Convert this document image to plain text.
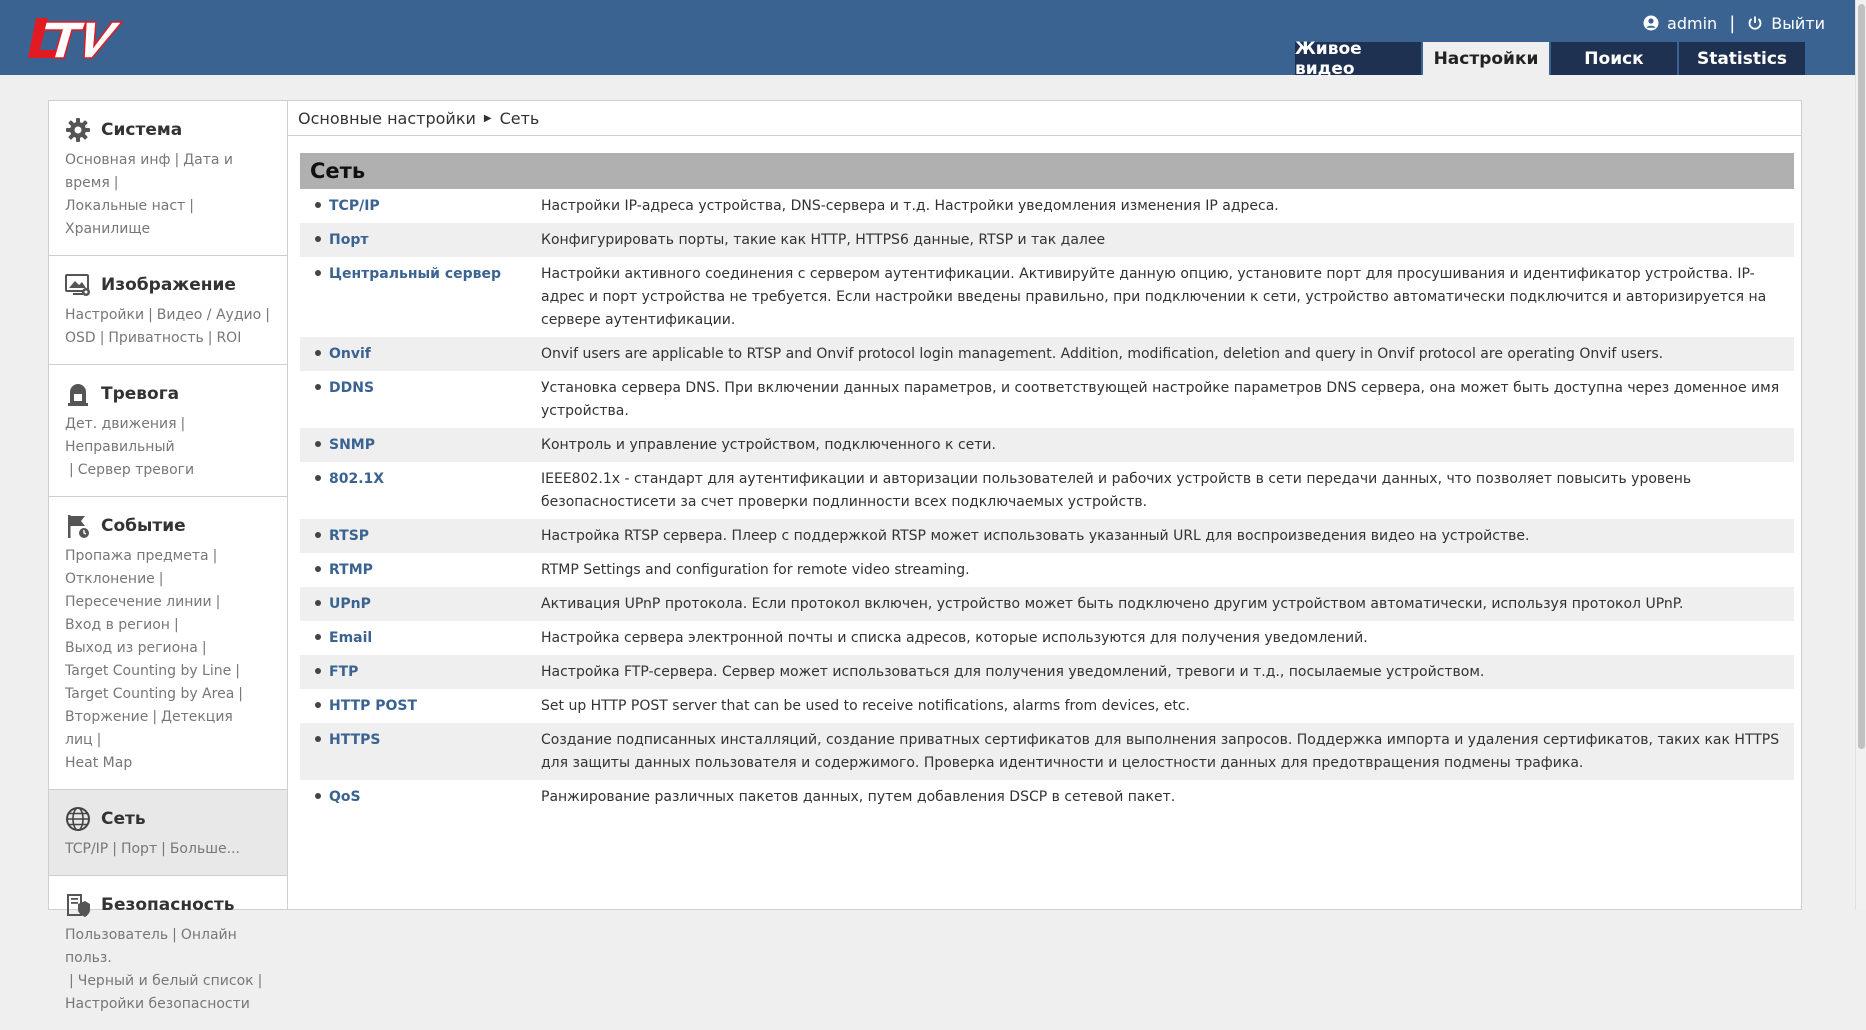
admin | Выйти
Живое видео	Настройки	Поиск	Statistics
Система
Основная инф | Дата и время |
Локальные наст |Хранилище
Изображение
Настройки | Видео / Аудио |
OSD | Приватность | ROI
Тревога
Дет. движения |Неправильный
| Сервер тревоги
Событие
Пропажа предмета |
Отклонение |
Пересечение линии |
Вход в регион |
Выход из региона |
Target Counting by Line |
Target Counting by Area |
Вторжение | Детекция лиц |
Heat Map
Сеть
TCP/IP | Порт | Больше...
Безопасность
Пользователь | Онлайн польз.
| Черный и белый список |
Настройки безопасности
Основные настройки ▶ Сеть
Сеть
TCP/IP	Настройки IP-адреса устройства, DNS-сервера и т.д. Настройки уведомления изменения IP адреса.
Порт	Конфигурировать порты, такие как HTTP, HTTPS6 данные, RTSP и так далее
Центральный сервер	Настройки активного соединения с сервером аутентификации. Активируйте данную опцию, установите порт для просушивания и идентификатор устройства. IP-адрес и порт устройства не требуется. Если настройки введены правильно, при подключении к сети, устройство автоматически подключится и авторизируется на сервере аутентификации.
Onvif	Onvif users are applicable to RTSP and Onvif protocol login management. Addition, modification, deletion and query in Onvif protocol are operating Onvif users.
DDNS	Установка сервера DNS. При включении данных параметров, и соответствующей настройке параметров DNS сервера, она может быть доступна через доменное имя устройства.
SNMP	Контроль и управление устройством, подключенного к сети.
802.1X	IEEE802.1x - стандарт для аутентификации и авторизации пользователей и рабочих устройств в сети передачи данных, что позволяет повысить уровень безопасностисети за счет проверки подлинности всех подключаемых устройств.
RTSP	Настройка RTSP сервера. Плеер с поддержкой RTSP может использовать указанный URL для воспроизведения видео на устройстве.
RTMP	RTMP Settings and configuration for remote video streaming.
UPnP	Активация UPnP протокола. Если протокол включен, устройство может быть подключено другим устройством автоматически, используя протокол UPnP.
Email	Настройка сервера электронной почты и списка адресов, которые используются для получения уведомлений.
FTP	Настройка FTP-сервера. Сервер может использоваться для получения уведомлений, тревоги и т.д., посылаемые устройством.
HTTP POST	Set up HTTP POST server that can be used to receive notifications, alarms from devices, etc.
HTTPS	Создание подписанных инсталляций, создание приватных сертификатов для выполнения запросов. Поддержка импорта и удаления сертификатов, таких как HTTPS для защиты данных пользователя и содержимого. Проверка идентичности и целостности данных для предотвращения подмены трафика.
QoS	Ранжирование различных пакетов данных, путем добавления DSCP в сетевой пакет.
